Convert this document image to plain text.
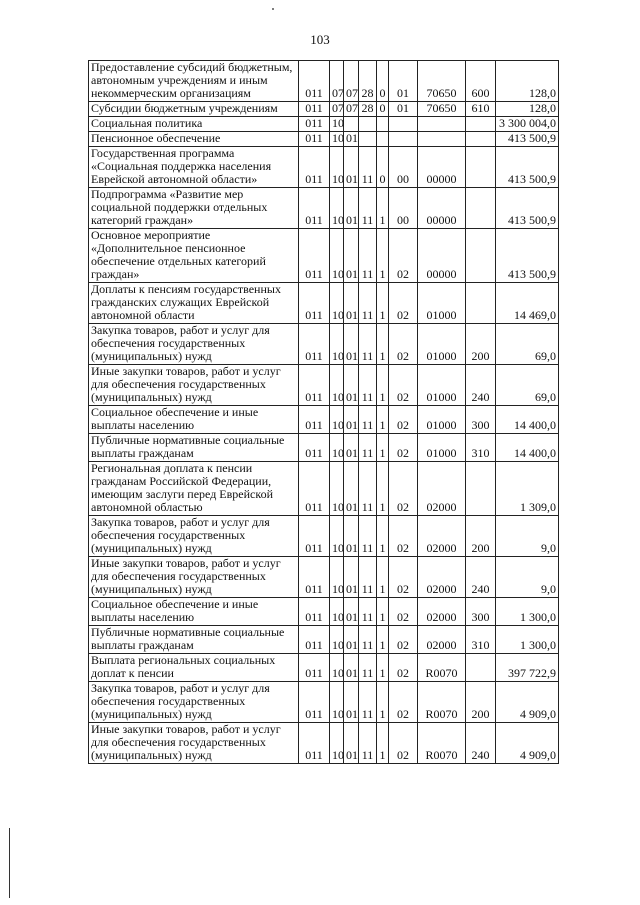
103
Предоставление субсидий бюджетным, автономным учреждениям и иным некоммерческим организациям	011	07	07	28	0	01	70650	600	128,0
Субсидии бюджетным учреждениям	011	07	07	28	0	01	70650	610	128,0
Социальная политика	011	10							3 300 004,0
Пенсионное обеспечение	011	10	01						413 500,9
Государственная программа «Социальная поддержка населения Еврейской автономной области»	011	10	01	11	0	00	00000		413 500,9
Подпрограмма «Развитие мер социальной поддержки отдельных категорий граждан»	011	10	01	11	1	00	00000		413 500,9
Основное мероприятие «Дополнительное пенсионное обеспечение отдельных категорий граждан»	011	10	01	11	1	02	00000		413 500,9
Доплаты к пенсиям государственных гражданских служащих Еврейской автономной области	011	10	01	11	1	02	01000		14 469,0
Закупка товаров, работ и услуг для обеспечения государственных (муниципальных) нужд	011	10	01	11	1	02	01000	200	69,0
Иные закупки товаров, работ и услуг для обеспечения государственных (муниципальных) нужд	011	10	01	11	1	02	01000	240	69,0
Социальное обеспечение и иные выплаты населению	011	10	01	11	1	02	01000	300	14 400,0
Публичные нормативные социальные выплаты гражданам	011	10	01	11	1	02	01000	310	14 400,0
Региональная доплата к пенсии гражданам Российской Федерации, имеющим заслуги перед Еврейской автономной областью	011	10	01	11	1	02	02000		1 309,0
Закупка товаров, работ и услуг для обеспечения государственных (муниципальных) нужд	011	10	01	11	1	02	02000	200	9,0
Иные закупки товаров, работ и услуг для обеспечения государственных (муниципальных) нужд	011	10	01	11	1	02	02000	240	9,0
Социальное обеспечение и иные выплаты населению	011	10	01	11	1	02	02000	300	1 300,0
Публичные нормативные социальные выплаты гражданам	011	10	01	11	1	02	02000	310	1 300,0
Выплата региональных социальных доплат к пенсии	011	10	01	11	1	02	R0070		397 722,9
Закупка товаров, работ и услуг для обеспечения государственных (муниципальных) нужд	011	10	01	11	1	02	R0070	200	4 909,0
Иные закупки товаров, работ и услуг для обеспечения государственных (муниципальных) нужд	011	10	01	11	1	02	R0070	240	4 909,0
